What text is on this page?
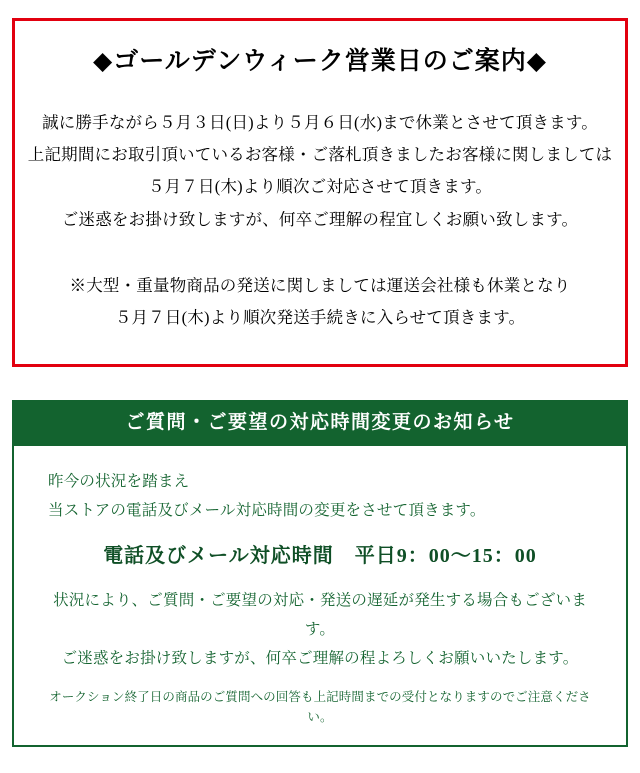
◆ゴールデンウィーク営業日のご案内◆
誠に勝手ながら５月３日(日)より５月６日(水)まで休業とさせて頂きます。
上記期間にお取引頂いているお客様・ご落札頂きましたお客様に関しましては
５月７日(木)より順次ご対応させて頂きます。
ご迷惑をお掛け致しますが、何卒ご理解の程宜しくお願い致します。
※大型・重量物商品の発送に関しましては運送会社様も休業となり
５月７日(木)より順次発送手続きに入らせて頂きます。
ご質問・ご要望の対応時間変更のお知らせ
昨今の状況を踏まえ
当ストアの電話及びメール対応時間の変更をさせて頂きます。
電話及びメール対応時間　平日9：00～15：00
状況により、ご質問・ご要望の対応・発送の遅延が発生する場合もございます。
ご迷惑をお掛け致しますが、何卒ご理解の程よろしくお願いいたします。
オークション終了日の商品のご質問への回答も上記時間までの受付となりますのでご注意ください。
